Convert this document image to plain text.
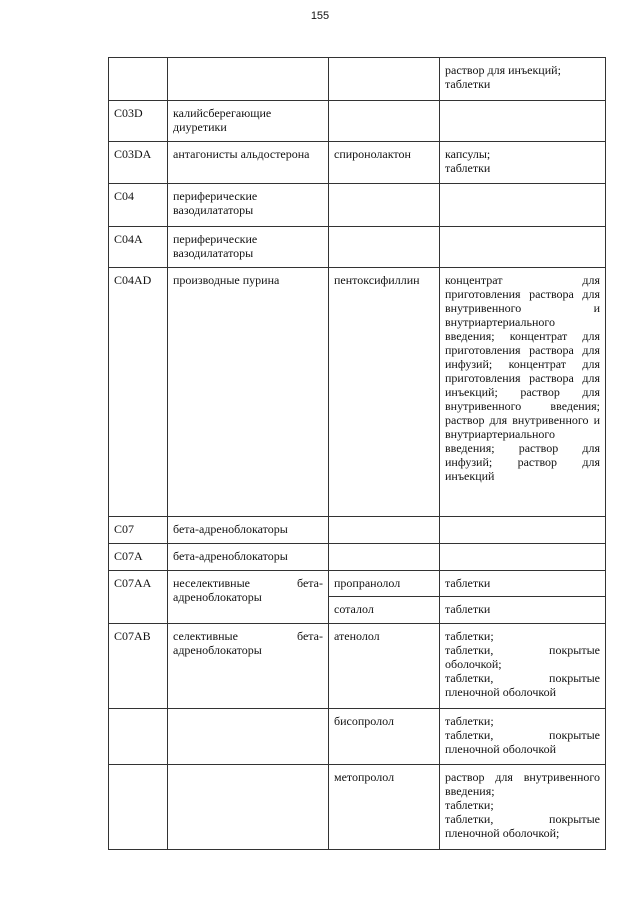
155

			раствор для инъекций;
таблетки

C03D	калийсберегающие диуретики		
C03DA	антагонисты альдостерона	спиронолактон	капсулы;
таблетки

C04	периферические вазодилататоры		
C04A	периферические вазодилататоры		
C04AD	производные пурина	пентоксифиллин	концентрат для приготовления раствора для внутривенного и внутриартериального введения; концентрат для приготовления раствора для инфузий; концентрат для приготовления раствора для инъекций; раствор для внутривенного введения; раствор для внутривенного и внутриартериального введения; раствор для инфузий; раствор для инъекций
C07	бета-адреноблокаторы		
C07A	бета-адреноблокаторы		
C07AA	неселективные бета-адреноблокаторы	пропранолол	таблетки

		соталол	таблетки

C07AB	селективные бета-адреноблокаторы	атенолол	таблетки;
таблетки, покрытые оболочкой;
таблетки, покрытые пленочной оболочкой

		бисопролол	таблетки;
таблетки, покрытые пленочной оболочкой

		метопролол	раствор для внутривенного введения;
таблетки;
таблетки, покрытые пленочной оболочкой;
